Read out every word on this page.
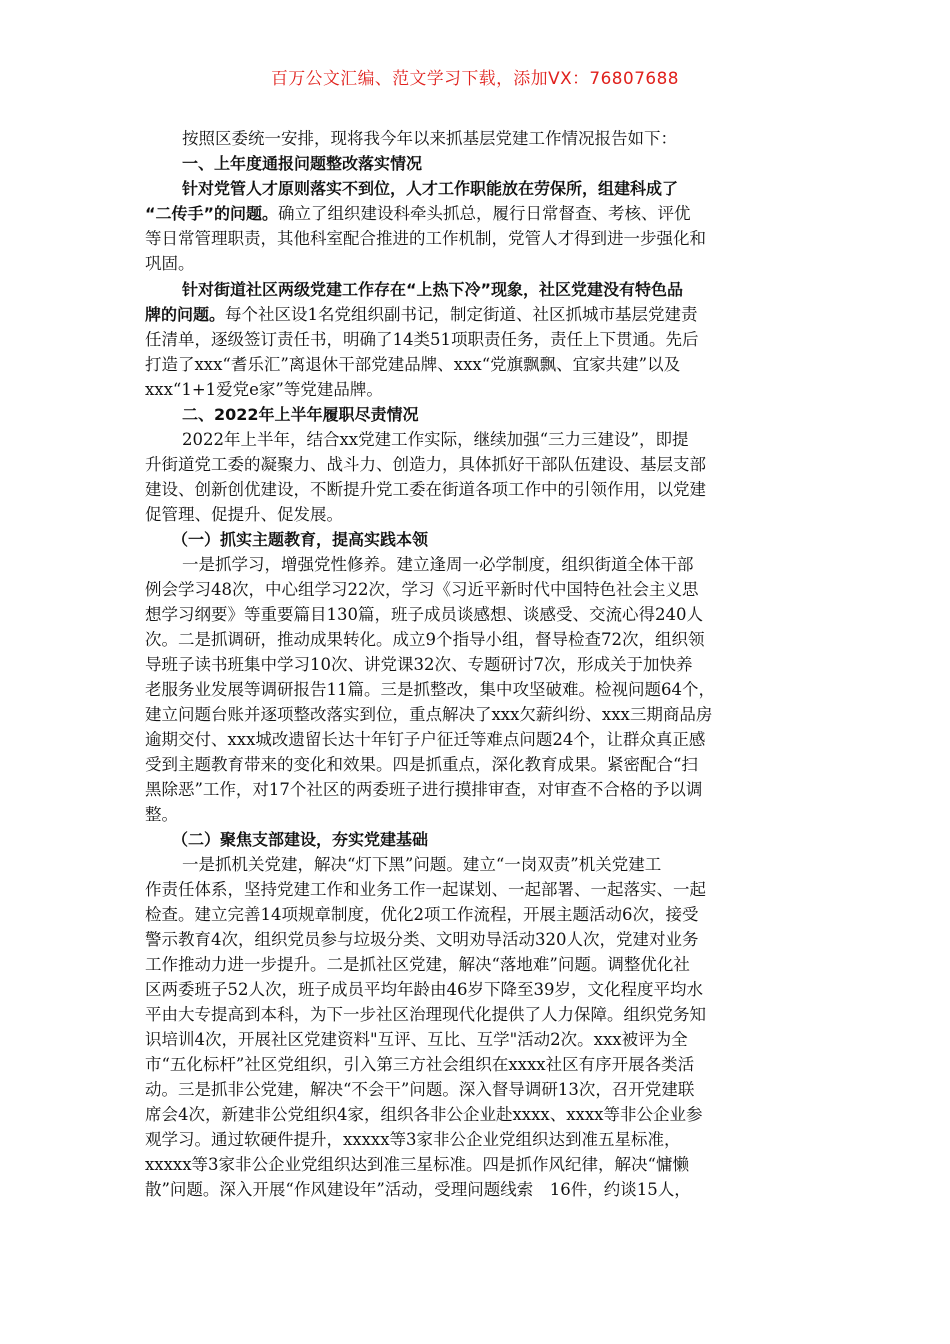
百万公文汇编、范文学习下载，添加VX：76807688
按照区委统一安排，现将我今年以来抓基层党建工作情况报告如下：
一、上年度通报问题整改落实情况
针对党管人才原则落实不到位，人才工作职能放在劳保所，组建科成了
“二传手”的问题。确立了组织建设科牵头抓总，履行日常督查、考核、评优
等日常管理职责，其他科室配合推进的工作机制，党管人才得到进一步强化和
巩固。
针对街道社区两级党建工作存在“上热下冷”现象，社区党建没有特色品
牌的问题。每个社区设1名党组织副书记，制定街道、社区抓城市基层党建责
任清单，逐级签订责任书，明确了14类51项职责任务，责任上下贯通。先后
打造了xxx“耆乐汇”离退休干部党建品牌、xxx“党旗飘飘、宜家共建”以及
xxx“1+1爱党e家”等党建品牌。
二、2022年上半年履职尽责情况
2022年上半年，结合xx党建工作实际，继续加强“三力三建设”，即提
升街道党工委的凝聚力、战斗力、创造力，具体抓好干部队伍建设、基层支部
建设、创新创优建设，不断提升党工委在街道各项工作中的引领作用，以党建
促管理、促提升、促发展。
（一）抓实主题教育，提高实践本领
一是抓学习，增强党性修养。建立逢周一必学制度，组织街道全体干部
例会学习48次，中心组学习22次，学习《习近平新时代中国特色社会主义思
想学习纲要》等重要篇目130篇，班子成员谈感想、谈感受、交流心得240人
次。二是抓调研，推动成果转化。成立9个指导小组，督导检查72次，组织领
导班子读书班集中学习10次、讲党课32次、专题研讨7次，形成关于加快养
老服务业发展等调研报告11篇。三是抓整改，集中攻坚破难。检视问题64个，
建立问题台账并逐项整改落实到位，重点解决了xxx欠薪纠纷、xxx三期商品房
逾期交付、xxx城改遗留长达十年钉子户征迁等难点问题24个，让群众真正感
受到主题教育带来的变化和效果。四是抓重点，深化教育成果。紧密配合“扫
黑除恶”工作，对17个社区的两委班子进行摸排审查，对审查不合格的予以调
整。
（二）聚焦支部建设，夯实党建基础
一是抓机关党建，解决“灯下黑”问题。建立“一岗双责”机关党建工
作责任体系，坚持党建工作和业务工作一起谋划、一起部署、一起落实、一起
检查。建立完善14项规章制度，优化2项工作流程，开展主题活动6次，接受
警示教育4次，组织党员参与垃圾分类、文明劝导活动320人次，党建对业务
工作推动力进一步提升。二是抓社区党建，解决“落地难”问题。调整优化社
区两委班子52人次，班子成员平均年龄由46岁下降至39岁，文化程度平均水
平由大专提高到本科，为下一步社区治理现代化提供了人力保障。组织党务知
识培训4次，开展社区党建资料"互评、互比、互学"活动2次。xxx被评为全
市“五化标杆”社区党组织，引入第三方社会组织在xxxx社区有序开展各类活
动。三是抓非公党建，解决“不会干”问题。深入督导调研13次，召开党建联
席会4次，新建非公党组织4家，组织各非公企业赴xxxx、xxxx等非公企业参
观学习。通过软硬件提升，xxxxx等3家非公企业党组织达到准五星标准，
xxxxx等3家非公企业党组织达到准三星标准。四是抓作风纪律，解决“慵懒
散”问题。深入开展“作风建设年”活动，受理问题线索　16件，约谈15人，
